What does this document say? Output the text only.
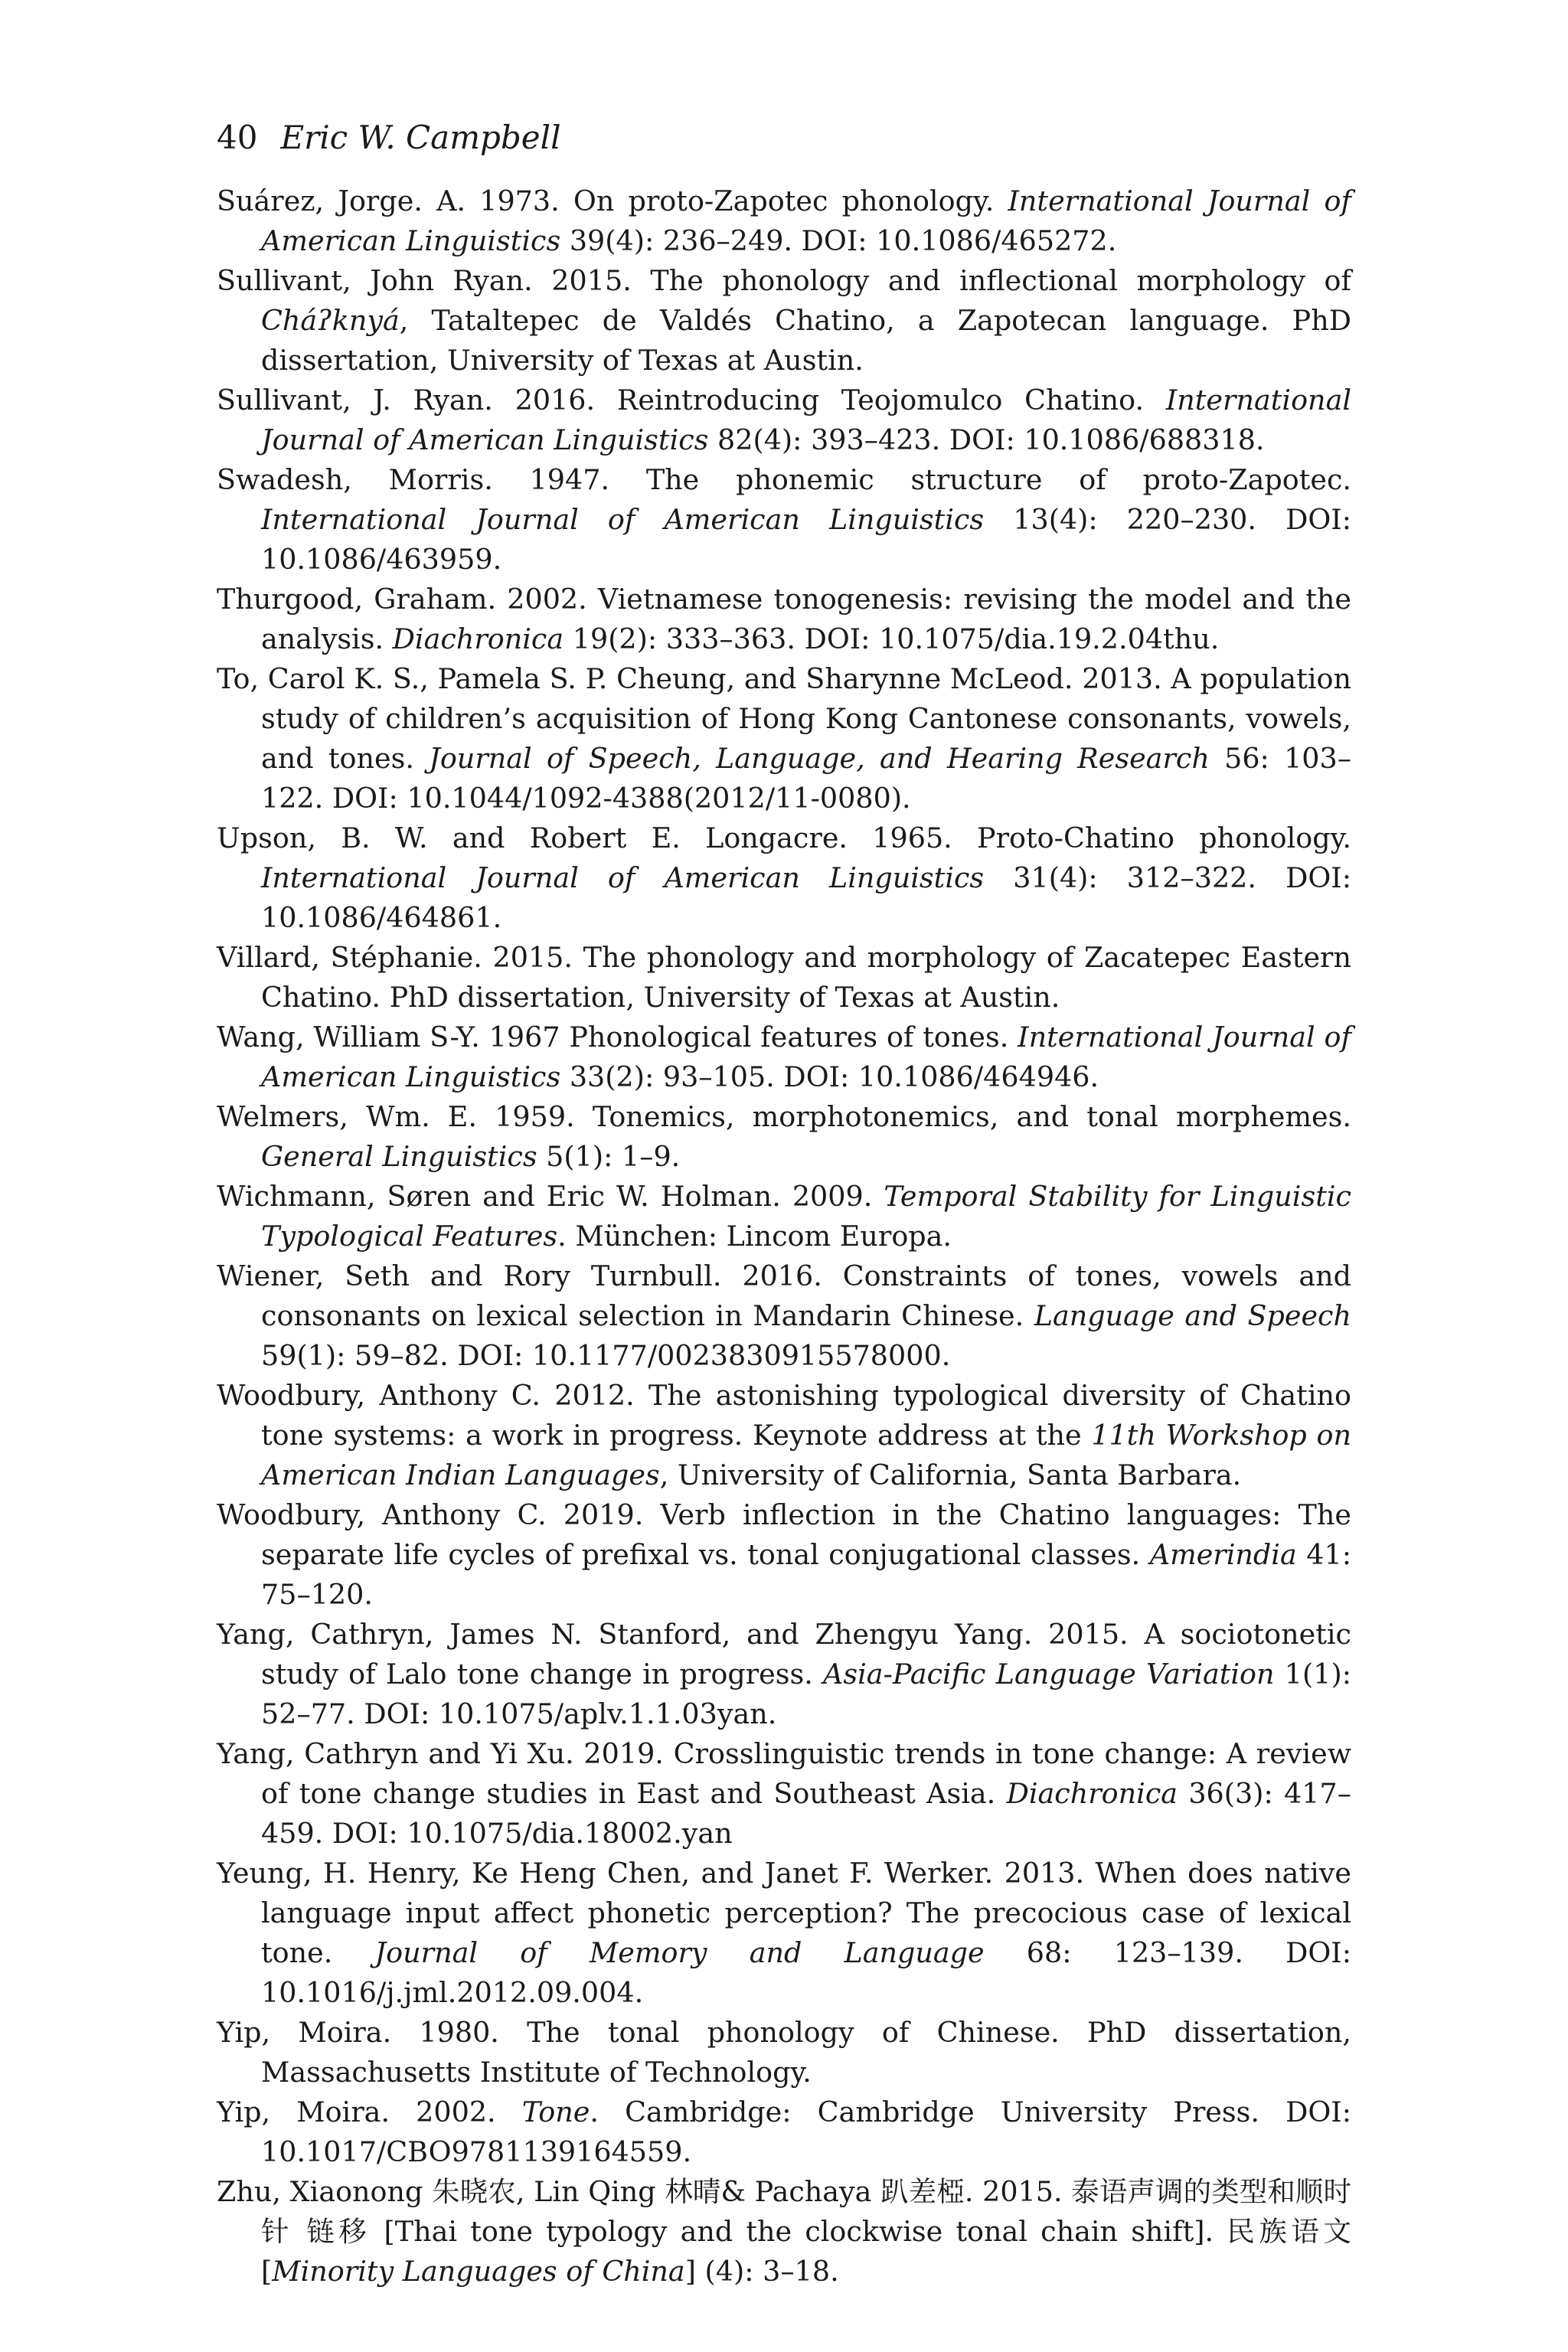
40 Eric W. Campbell
Suárez, Jorge. A. 1973. On proto-Zapotec phonology. International Journal of American Linguistics 39(4): 236–249. DOI: 10.1086/465272.
Sullivant, John Ryan. 2015. The phonology and inflectional morphology of Cháʔknyá, Tataltepec de Valdés Chatino, a Zapotecan language. PhD dissertation, University of Texas at Austin.
Sullivant, J. Ryan. 2016. Reintroducing Teojomulco Chatino. International Journal of American Linguistics 82(4): 393–423. DOI: 10.1086/688318.
Swadesh, Morris. 1947. The phonemic structure of proto-Zapotec. International Journal of American Linguistics 13(4): 220–230. DOI: 10.1086/463959.
Thurgood, Graham. 2002. Vietnamese tonogenesis: revising the model and the analysis. Diachronica 19(2): 333–363. DOI: 10.1075/dia.19.2.04thu.
To, Carol K. S., Pamela S. P. Cheung, and Sharynne McLeod. 2013. A population study of children’s acquisition of Hong Kong Cantonese consonants, vowels, and tones. Journal of Speech, Language, and Hearing Research 56: 103–122. DOI: 10.1044/1092-4388(2012/11-0080).
Upson, B. W. and Robert E. Longacre. 1965. Proto-Chatino phonology. International Journal of American Linguistics 31(4): 312–322. DOI: 10.1086/464861.
Villard, Stéphanie. 2015. The phonology and morphology of Zacatepec Eastern Chatino. PhD dissertation, University of Texas at Austin.
Wang, William S-Y. 1967 Phonological features of tones. International Journal of American Linguistics 33(2): 93–105. DOI: 10.1086/464946.
Welmers, Wm. E. 1959. Tonemics, morphotonemics, and tonal morphemes. General Linguistics 5(1): 1–9.
Wichmann, Søren and Eric W. Holman. 2009. Temporal Stability for Linguistic Typological Features. München: Lincom Europa.
Wiener, Seth and Rory Turnbull. 2016. Constraints of tones, vowels and consonants on lexical selection in Mandarin Chinese. Language and Speech 59(1): 59–82. DOI: 10.1177/0023830915578000.
Woodbury, Anthony C. 2012. The astonishing typological diversity of Chatino tone systems: a work in progress. Keynote address at the 11th Workshop on American Indian Languages, University of California, Santa Barbara.
Woodbury, Anthony C. 2019. Verb inflection in the Chatino languages: The separate life cycles of prefixal vs. tonal conjugational classes. Amerindia 41: 75–120.
Yang, Cathryn, James N. Stanford, and Zhengyu Yang. 2015. A sociotonetic study of Lalo tone change in progress. Asia-Pacific Language Variation 1(1): 52–77. DOI: 10.1075/aplv.1.1.03yan.
Yang, Cathryn and Yi Xu. 2019. Crosslinguistic trends in tone change: A review of tone change studies in East and Southeast Asia. Diachronica 36(3): 417–459. DOI: 10.1075/dia.18002.yan
Yeung, H. Henry, Ke Heng Chen, and Janet F. Werker. 2013. When does native language input affect phonetic perception? The precocious case of lexical tone. Journal of Memory and Language 68: 123–139. DOI: 10.1016/j.jml.2012.09.004.
Yip, Moira. 1980. The tonal phonology of Chinese. PhD dissertation, Massachusetts Institute of Technology.
Yip, Moira. 2002. Tone. Cambridge: Cambridge University Press. DOI: 10.1017/CBO9781139164559.
Zhu, Xiaonong 朱晓农, Lin Qing 林晴& Pachaya 趴差椏. 2015. 泰语声调的类型和顺时针 链移 [Thai tone typology and the clockwise tonal chain shift]. 民族语文 [Minority Languages of China] (4): 3–18.
